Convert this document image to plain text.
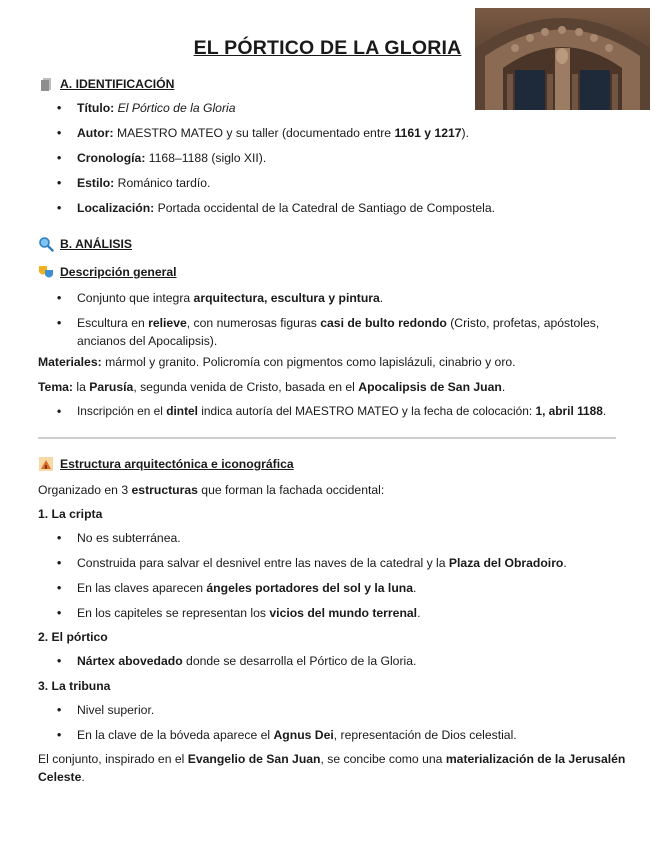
EL PÓRTICO DE LA GLORIA
A. IDENTIFICACIÓN
• Título: El Pórtico de la Gloria
• Autor: MAESTRO MATEO y su taller (documentado entre 1161 y 1217).
• Cronología: 1168–1188 (siglo XII).
• Estilo: Románico tardío.
• Localización: Portada occidental de la Catedral de Santiago de Compostela.
B. ANÁLISIS
Descripción general
• Conjunto que integra arquitectura, escultura y pintura.
• Escultura en relieve, con numerosas figuras casi de bulto redondo (Cristo, profetas, apóstoles, ancianos del Apocalipsis).
Materiales: mármol y granito. Policromía con pigmentos como lapislázuli, cinabrio y oro.
Tema: la Parusía, segunda venida de Cristo, basada en el Apocalipsis de San Juan.
• Inscripción en el dintel indica autoría del MAESTRO MATEO y la fecha de colocación: 1, abril 1188.
Estructura arquitectónica e iconográfica
Organizado en 3 estructuras que forman la fachada occidental:
1. La cripta
• No es subterránea.
• Construida para salvar el desnivel entre las naves de la catedral y la Plaza del Obradoiro.
• En las claves aparecen ángeles portadores del sol y la luna.
• En los capiteles se representan los vicios del mundo terrenal.
2. El pórtico
• Nártex abovedado donde se desarrolla el Pórtico de la Gloria.
3. La tribuna
• Nivel superior.
• En la clave de la bóveda aparece el Agnus Dei, representación de Dios celestial.
El conjunto, inspirado en el Evangelio de San Juan, se concibe como una materialización de la Jerusalén Celeste.
